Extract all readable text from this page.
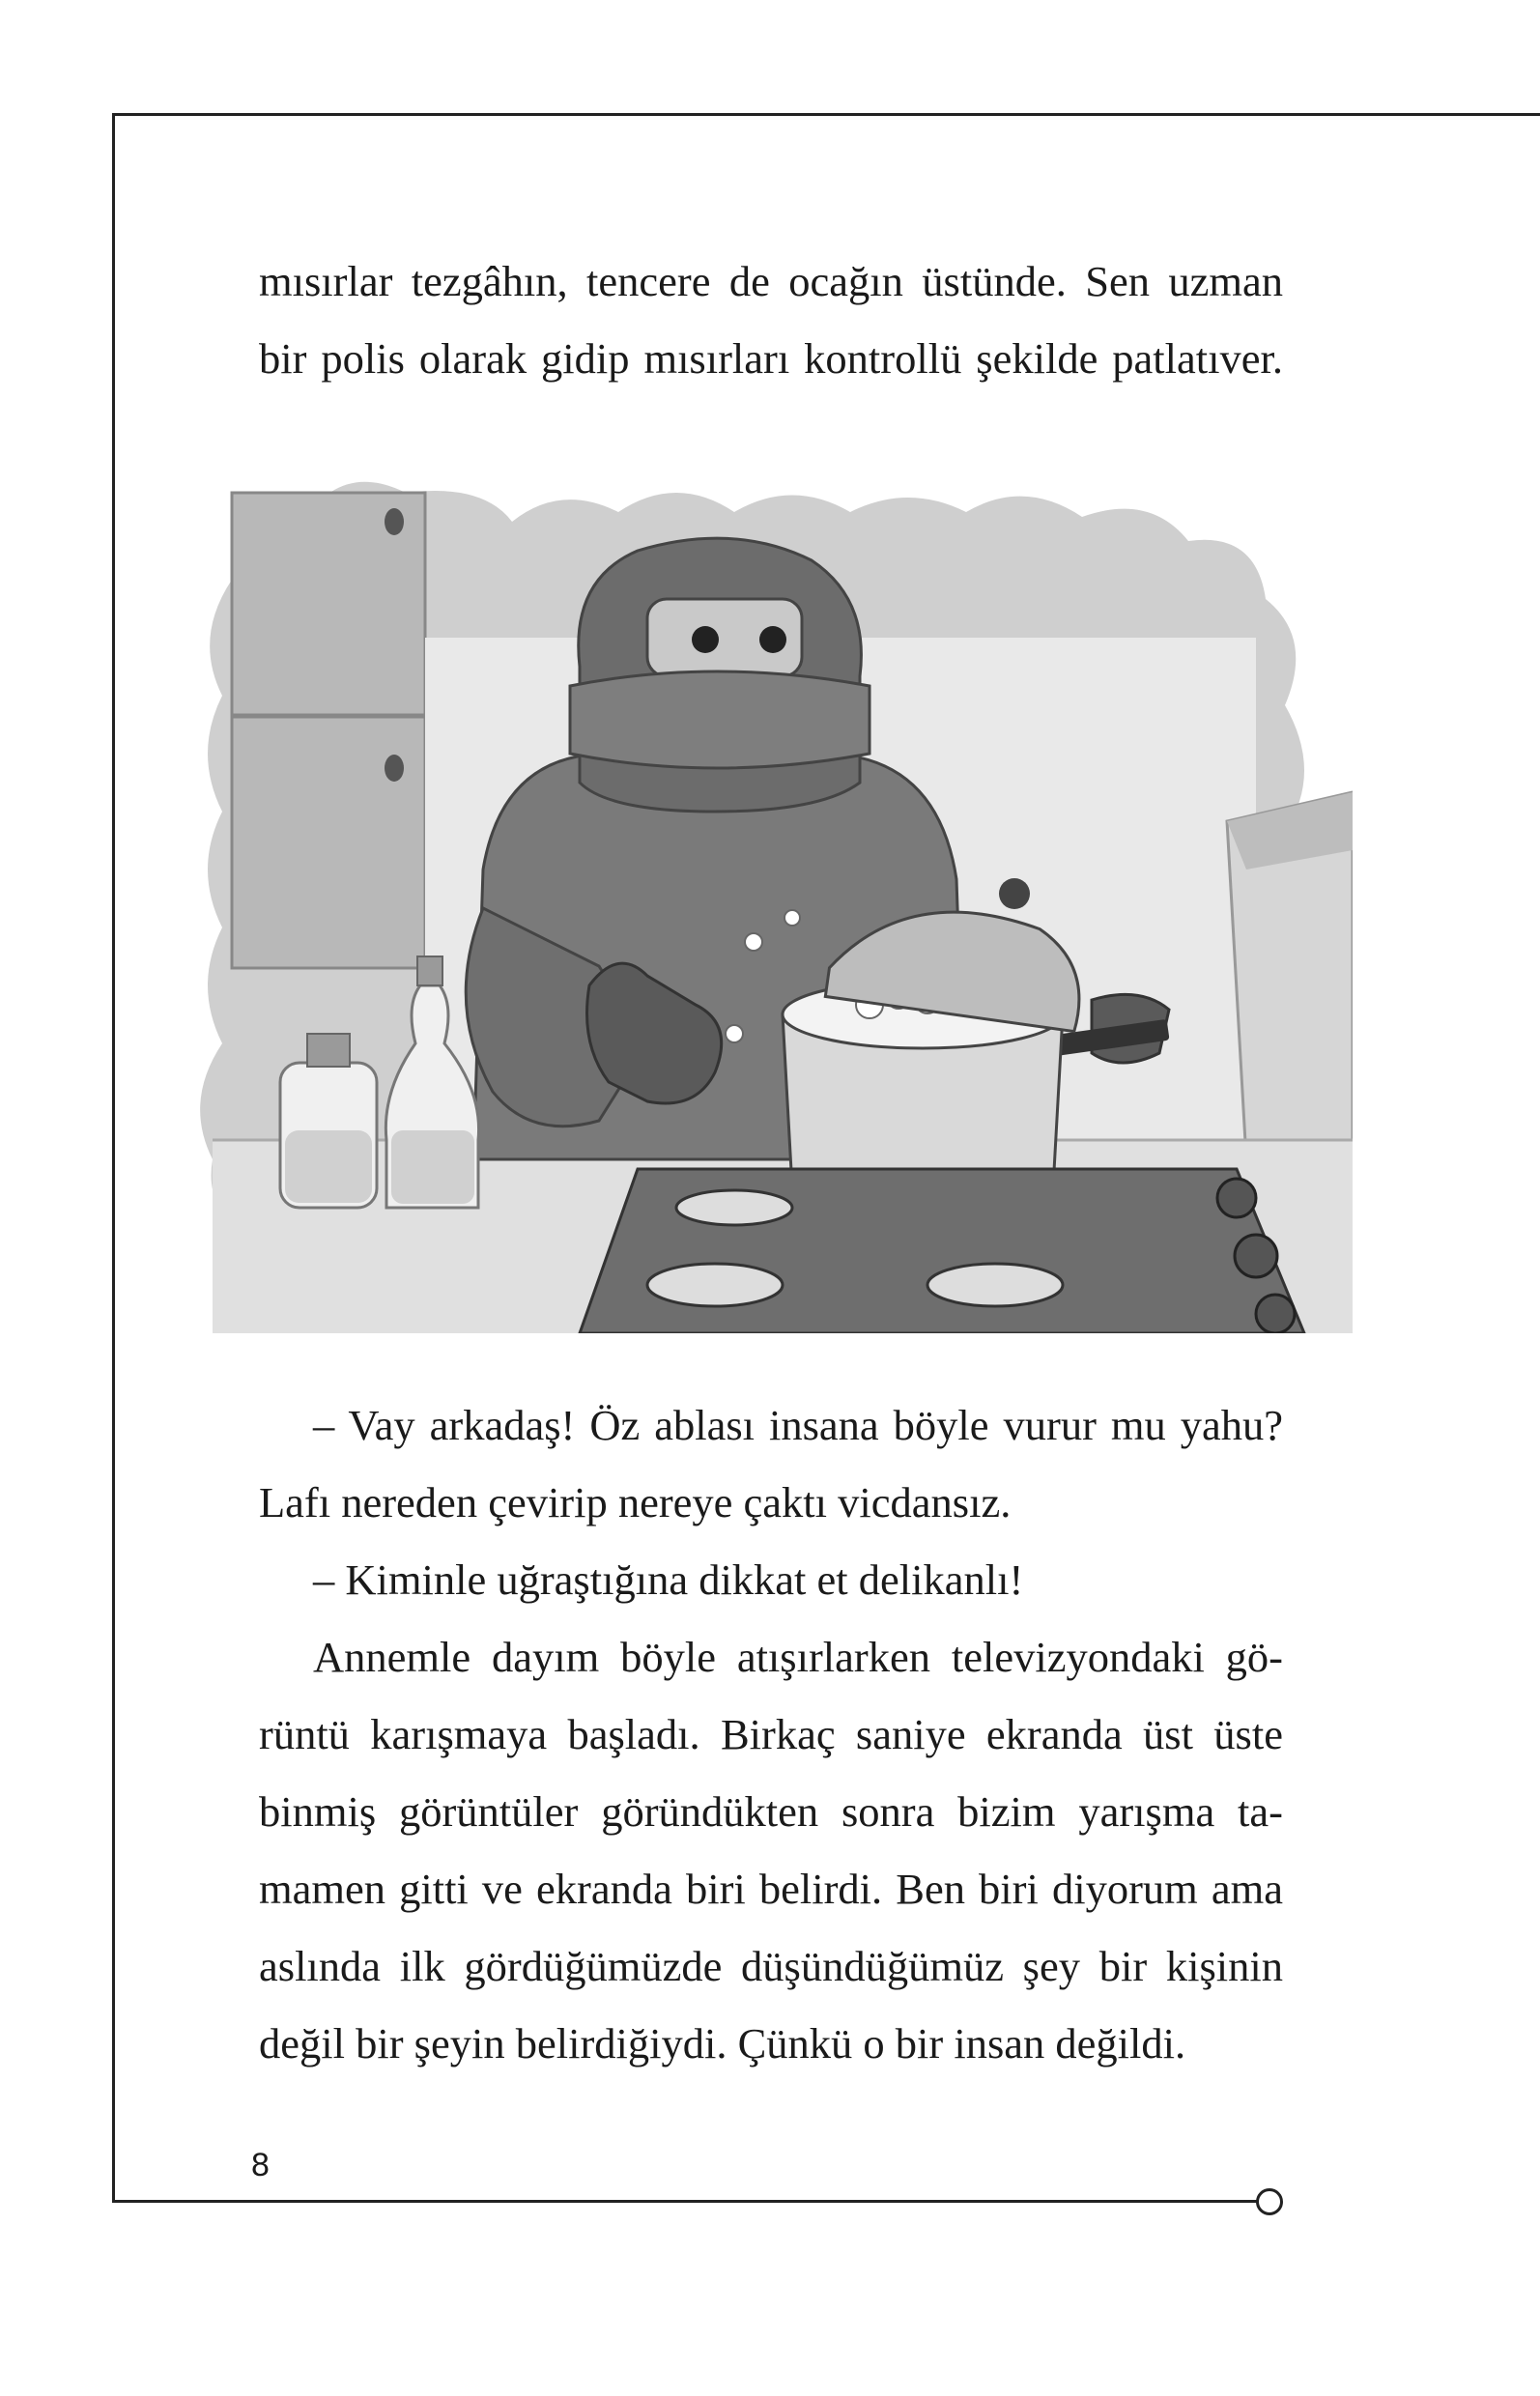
mısırlar tezgâhın, tencere de ocağın üstünde. Sen uzman
bir polis olarak gidip mısırları kontrollü şekilde patlatıver.
– Vay arkadaş! Öz ablası insana böyle vurur mu yahu?
Lafı nereden çevirip nereye çaktı vicdansız.
– Kiminle uğraştığına dikkat et delikanlı!
Annemle dayım böyle atışırlarken televizyondaki gö-
rüntü karışmaya başladı. Birkaç saniye ekranda üst üste
binmiş görüntüler göründükten sonra bizim yarışma ta-
mamen gitti ve ekranda biri belirdi. Ben biri diyorum ama
aslında ilk gördüğümüzde düşündüğümüz şey bir kişinin
değil bir şeyin belirdiğiydi. Çünkü o bir insan değildi.
8
